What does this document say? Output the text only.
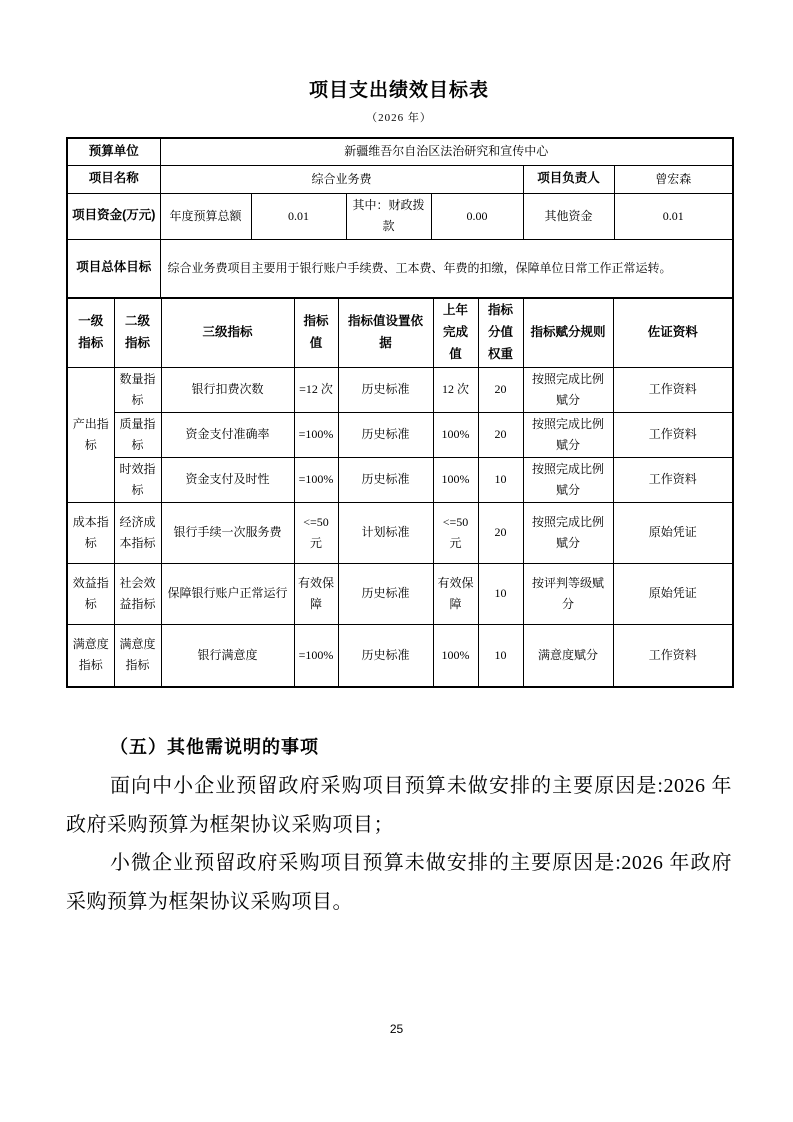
项目支出绩效目标表
（2026 年）
预算单位	新疆维吾尔自治区法治研究和宣传中心					
项目名称	综合业务费				项目负责人	曾宏森
项目资金(万元)	年度预算总额	0.01	其中：财政拨款	0.00	其他资金	0.01
项目总体目标	综合业务费项目主要用于银行账户手续费、工本费、年费的扣缴，保障单位日常工作正常运转。					
一级指标	二级指标	三级指标	指标值	指标值设置依据	上年完成值	指标分值权重	指标赋分规则	佐证资料
产出指标	数量指标	银行扣费次数	=12 次	历史标准	12 次	20	按照完成比例赋分	工作资料
	质量指标	资金支付准确率	=100%	历史标准	100%	20	按照完成比例赋分	工作资料
	时效指标	资金支付及时性	=100%	历史标准	100%	10	按照完成比例赋分	工作资料
成本指标	经济成本指标	银行手续一次服务费	<=50 元	计划标准	<=50 元	20	按照完成比例赋分	原始凭证
效益指标	社会效益指标	保障银行账户正常运行	有效保障	历史标准	有效保障	10	按评判等级赋分	原始凭证
满意度指标	满意度指标	银行满意度	=100%	历史标准	100%	10	满意度赋分	工作资料
（五）其他需说明的事项

面向中小企业预留政府采购项目预算未做安排的主要原因是:2026 年政府采购预算为框架协议采购项目；

小微企业预留政府采购项目预算未做安排的主要原因是:2026 年政府采购预算为框架协议采购项目。

25
